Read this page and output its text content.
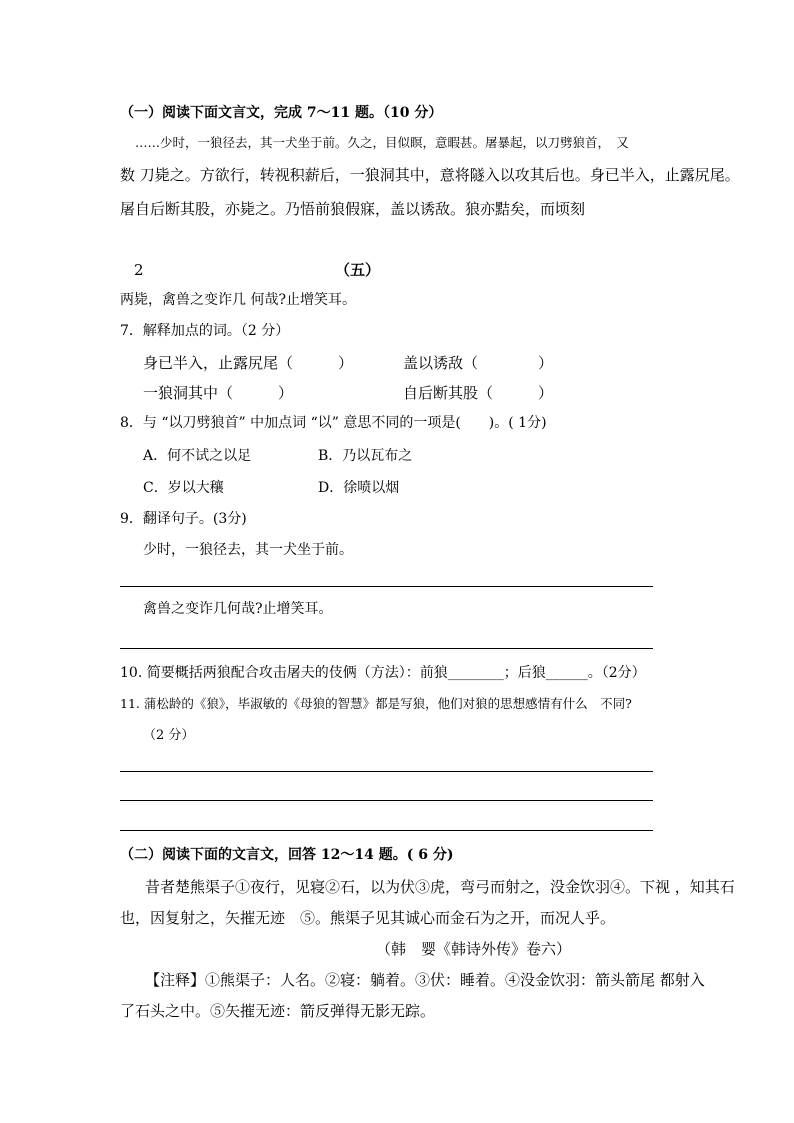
（一）阅读下面文言文，完成 7～11 题。（10 分）
……少时，一狼径去，其一犬坐于前。久之，目似瞑，意暇甚。屠暴起，以刀劈狼首，　又
数 刀毙之。方欲行，转视积薪后，一狼洞其中，意将隧入以攻其后也。身已半入，止露尻尾。
屠自后断其股，亦毙之。乃悟前狼假寐，盖以诱敌。狼亦黠矣，而顷刻
2	（五）
两毙，禽兽之变诈几 何哉?止增笑耳。
7．解释加点的词。（2 分）
身已半入，止露尻尾（　　　）	盖以诱敌（　　　　）
一狼洞其中（　　　）	自后断其股（　　　）
8．与 “以刀劈狼首” 中加点词 “以” 意思不同的一项是(　　)。( 1分)
A．何不试之以足	B．乃以瓦布之
C．岁以大穰	D．徐喷以烟
9．翻译句子。(3分)
少时，一狼径去，其一犬坐于前。
禽兽之变诈几何哉?止增笑耳。
10. 简要概括两狼配合攻击屠夫的伎俩（方法）：前狼________；后狼______。（2分）
11. 蒲松龄的《狼》，毕淑敏的《母狼的智慧》都是写狼，他们对狼的思想感情有什么　不同?
（2 分）
（二）阅读下面的文言文，回答 12～14 题。( 6 分)
昔者楚熊渠子①夜行，见寝②石，以为伏③虎，弯弓而射之，没金饮羽④。下视 ，知其石
也，因复射之，矢摧无迹　⑤。熊渠子见其诚心而金石为之开，而况人乎。
（韩　婴《韩诗外传》卷六）
【注释】①熊渠子：人名。②寝：躺着。③伏：睡着。④没金饮羽：箭头箭尾 都射入
了石头之中。⑤矢摧无迹：箭反弹得无影无踪。
